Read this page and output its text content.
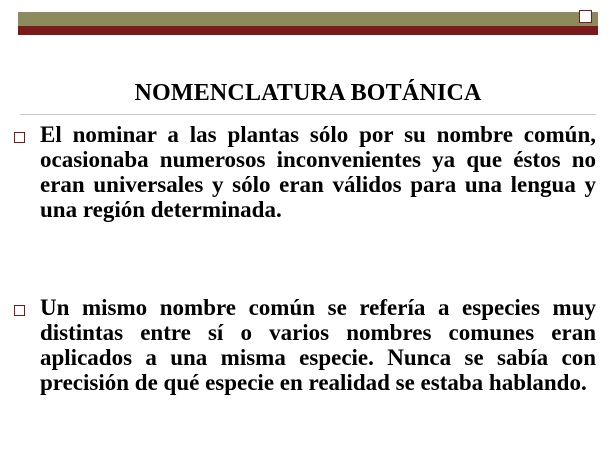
NOMENCLATURA BOTÁNICA
El nominar a las plantas sólo por su nombre común, ocasionaba numerosos inconvenientes ya que éstos no eran universales y sólo eran válidos para una lengua y una región determinada.
Un mismo nombre común se refería a especies muy distintas entre sí o varios nombres comunes eran aplicados a una misma especie. Nunca se sabía con precisión de qué especie en realidad se estaba hablando.
